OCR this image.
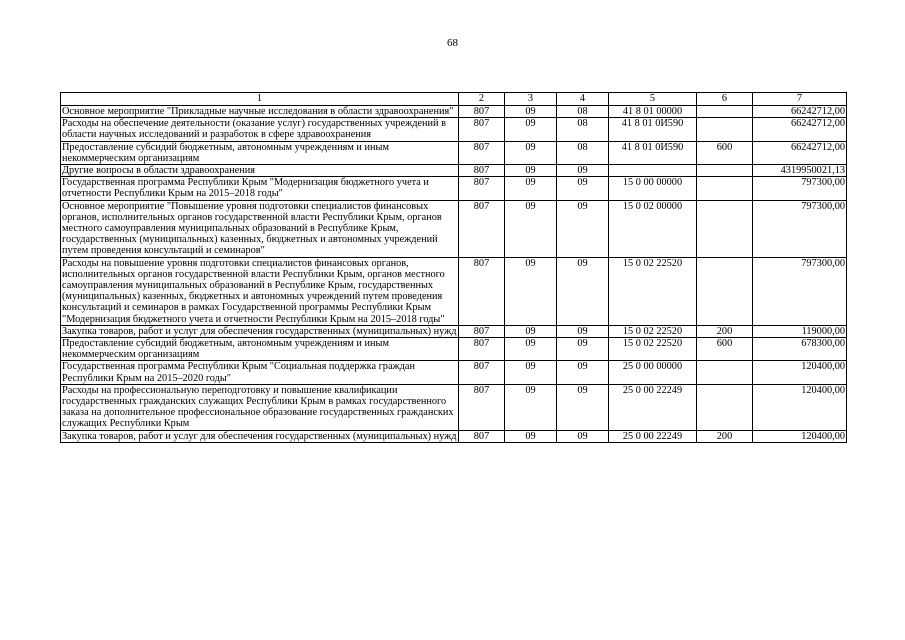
68
1	2	3	4	5	6	7
Основное мероприятие "Прикладные научные исследования в области здравоохранения"	807	09	08	41 8 01 00000		66242712,00
Расходы на обеспечение деятельности (оказание услуг) государственных учреждений в области научных исследований и разработок в сфере здравоохранения	807	09	08	41 8 01 0И590		66242712,00
Предоставление субсидий бюджетным, автономным учреждениям и иным некоммерческим организациям	807	09	08	41 8 01 0И590	600	66242712,00
Другие вопросы в области здравоохранения	807	09	09			4319950021,13
Государственная программа Республики Крым "Модернизация бюджетного учета и отчетности Республики Крым на 2015–2018 годы"	807	09	09	15 0 00 00000		797300,00
Основное мероприятие "Повышение уровня подготовки специалистов финансовых органов, исполнительных органов государственной власти Республики Крым, органов местного самоуправления муниципальных образований в Республике Крым, государственных (муниципальных) казенных, бюджетных и автономных учреждений путем проведения консультаций и семинаров"	807	09	09	15 0 02 00000		797300,00
Расходы на повышение уровня подготовки специалистов финансовых органов, исполнительных органов государственной власти Республики Крым, органов местного самоуправления муниципальных образований в Республике Крым, государственных (муниципальных) казенных, бюджетных и автономных учреждений путем проведения консультаций и семинаров в рамках Государственной программы Республики Крым "Модернизация бюджетного учета и отчетности Республики Крым на 2015–2018 годы"	807	09	09	15 0 02 22520		797300,00
Закупка товаров, работ и услуг для обеспечения государственных (муниципальных) нужд	807	09	09	15 0 02 22520	200	119000,00
Предоставление субсидий бюджетным, автономным учреждениям и иным некоммерческим организациям	807	09	09	15 0 02 22520	600	678300,00
Государственная программа Республики Крым "Социальная поддержка граждан Республики Крым на 2015–2020 годы"	807	09	09	25 0 00 00000		120400,00
Расходы на профессиональную переподготовку и повышение квалификации государственных гражданских служащих Республики Крым в рамках государственного заказа на дополнительное профессиональное образование государственных гражданских служащих Республики Крым	807	09	09	25 0 00 22249		120400,00
Закупка товаров, работ и услуг для обеспечения государственных (муниципальных) нужд	807	09	09	25 0 00 22249	200	120400,00
